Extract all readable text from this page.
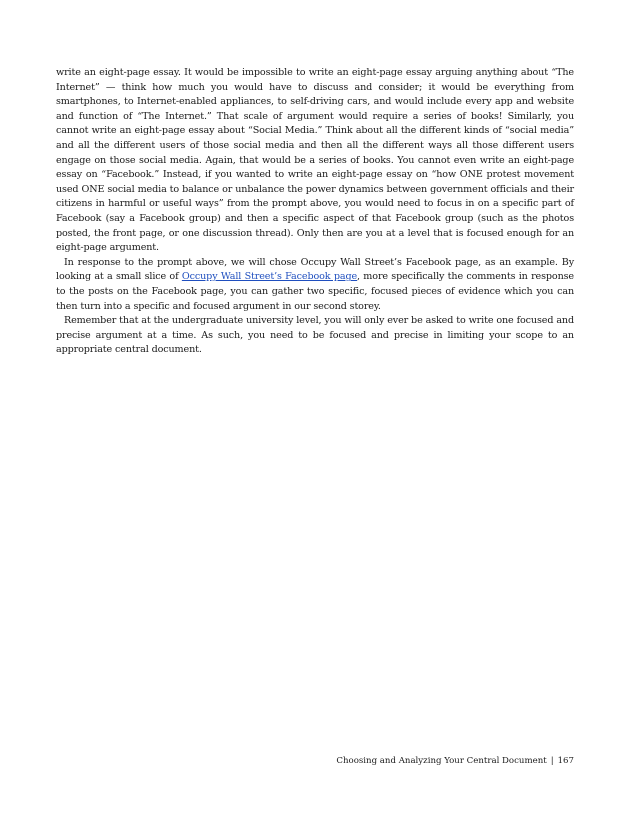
write an eight-page essay. It would be impossible to write an eight-page essay arguing anything about “The Internet” — think how much you would have to discuss and consider; it would be everything from smartphones, to Internet-enabled appliances, to self-driving cars, and would include every app and website and function of “The Internet.” That scale of argument would require a series of books! Similarly, you cannot write an eight-page essay about “Social Media.” Think about all the different kinds of “social media” and all the different users of those social media and then all the different ways all those different users engage on those social media. Again, that would be a series of books. You cannot even write an eight-page essay on “Facebook.” Instead, if you wanted to write an eight-page essay on “how ONE protest movement used ONE social media to balance or unbalance the power dynamics between government officials and their citizens in harmful or useful ways” from the prompt above, you would need to focus in on a specific part of Facebook (say a Facebook group) and then a specific aspect of that Facebook group (such as the photos posted, the front page, or one discussion thread). Only then are you at a level that is focused enough for an eight-page argument.

In response to the prompt above, we will chose Occupy Wall Street’s Facebook page, as an example. By looking at a small slice of Occupy Wall Street’s Facebook page, more specifically the comments in response to the posts on the Facebook page, you can gather two specific, focused pieces of evidence which you can then turn into a specific and focused argument in our second storey.

Remember that at the undergraduate university level, you will only ever be asked to write one focused and precise argument at a time. As such, you need to be focused and precise in limiting your scope to an appropriate central document.

Choosing and Analyzing Your Central Document | 167
